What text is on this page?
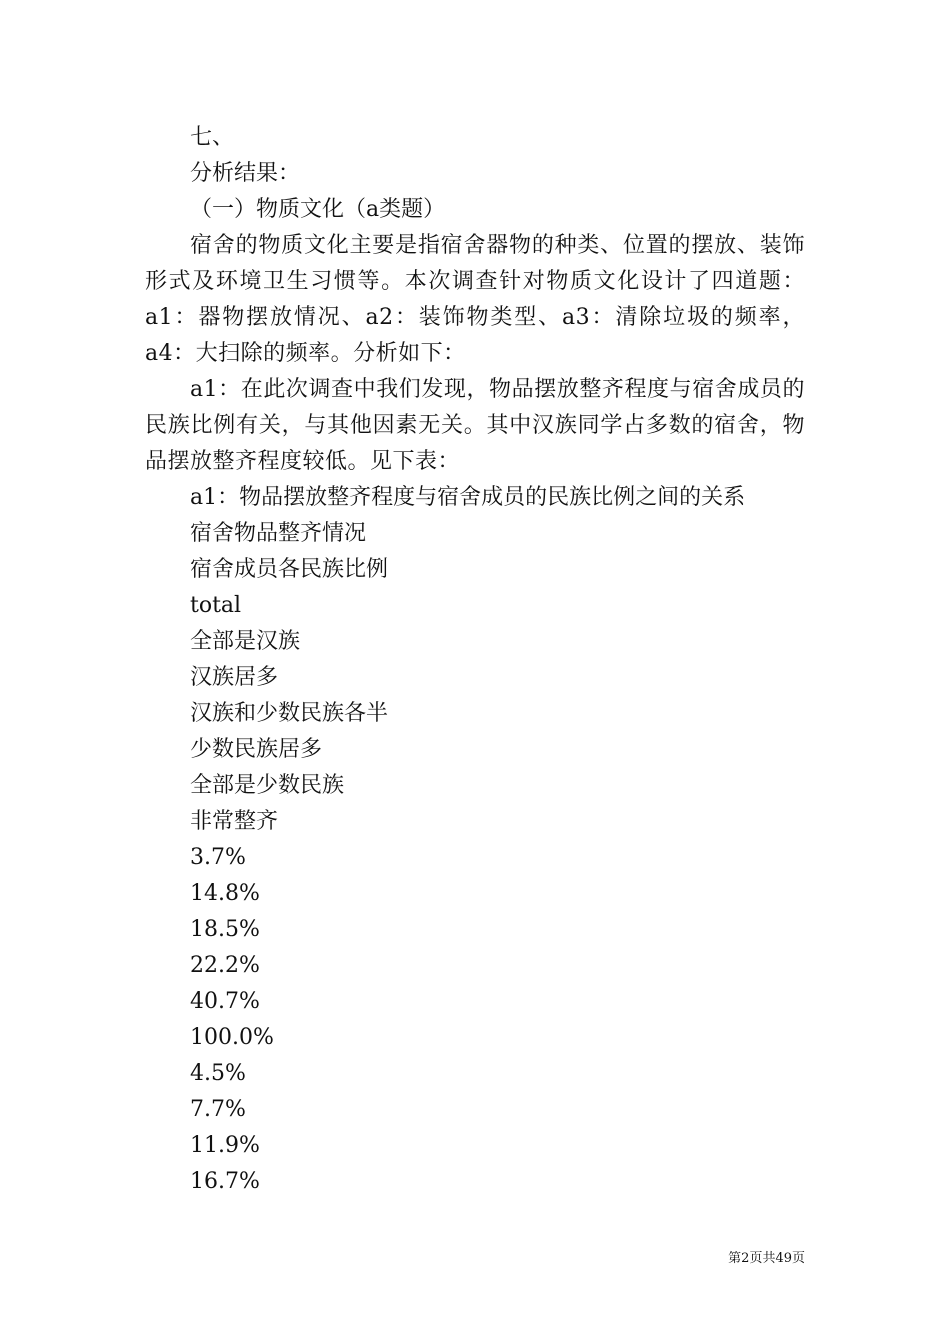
七、
分析结果：
（一）物质文化（a类题）

宿舍的物质文化主要是指宿舍器物的种类、位置的摆放、装饰形式及环境卫生习惯等。本次调查针对物质文化设计了四道题：a1：器物摆放情况、a2：装饰物类型、a3：清除垃圾的频率，a4：大扫除的频率。分析如下：

a1：在此次调查中我们发现，物品摆放整齐程度与宿舍成员的民族比例有关，与其他因素无关。其中汉族同学占多数的宿舍，物品摆放整齐程度较低。见下表：

a1：物品摆放整齐程度与宿舍成员的民族比例之间的关系
宿舍物品整齐情况
宿舍成员各民族比例
total
全部是汉族
汉族居多
汉族和少数民族各半
少数民族居多
全部是少数民族
非常整齐
3.7%
14.8%
18.5%
22.2%
40.7%
100.0%
4.5%
7.7%
11.9%
16.7%
第2页共49页
